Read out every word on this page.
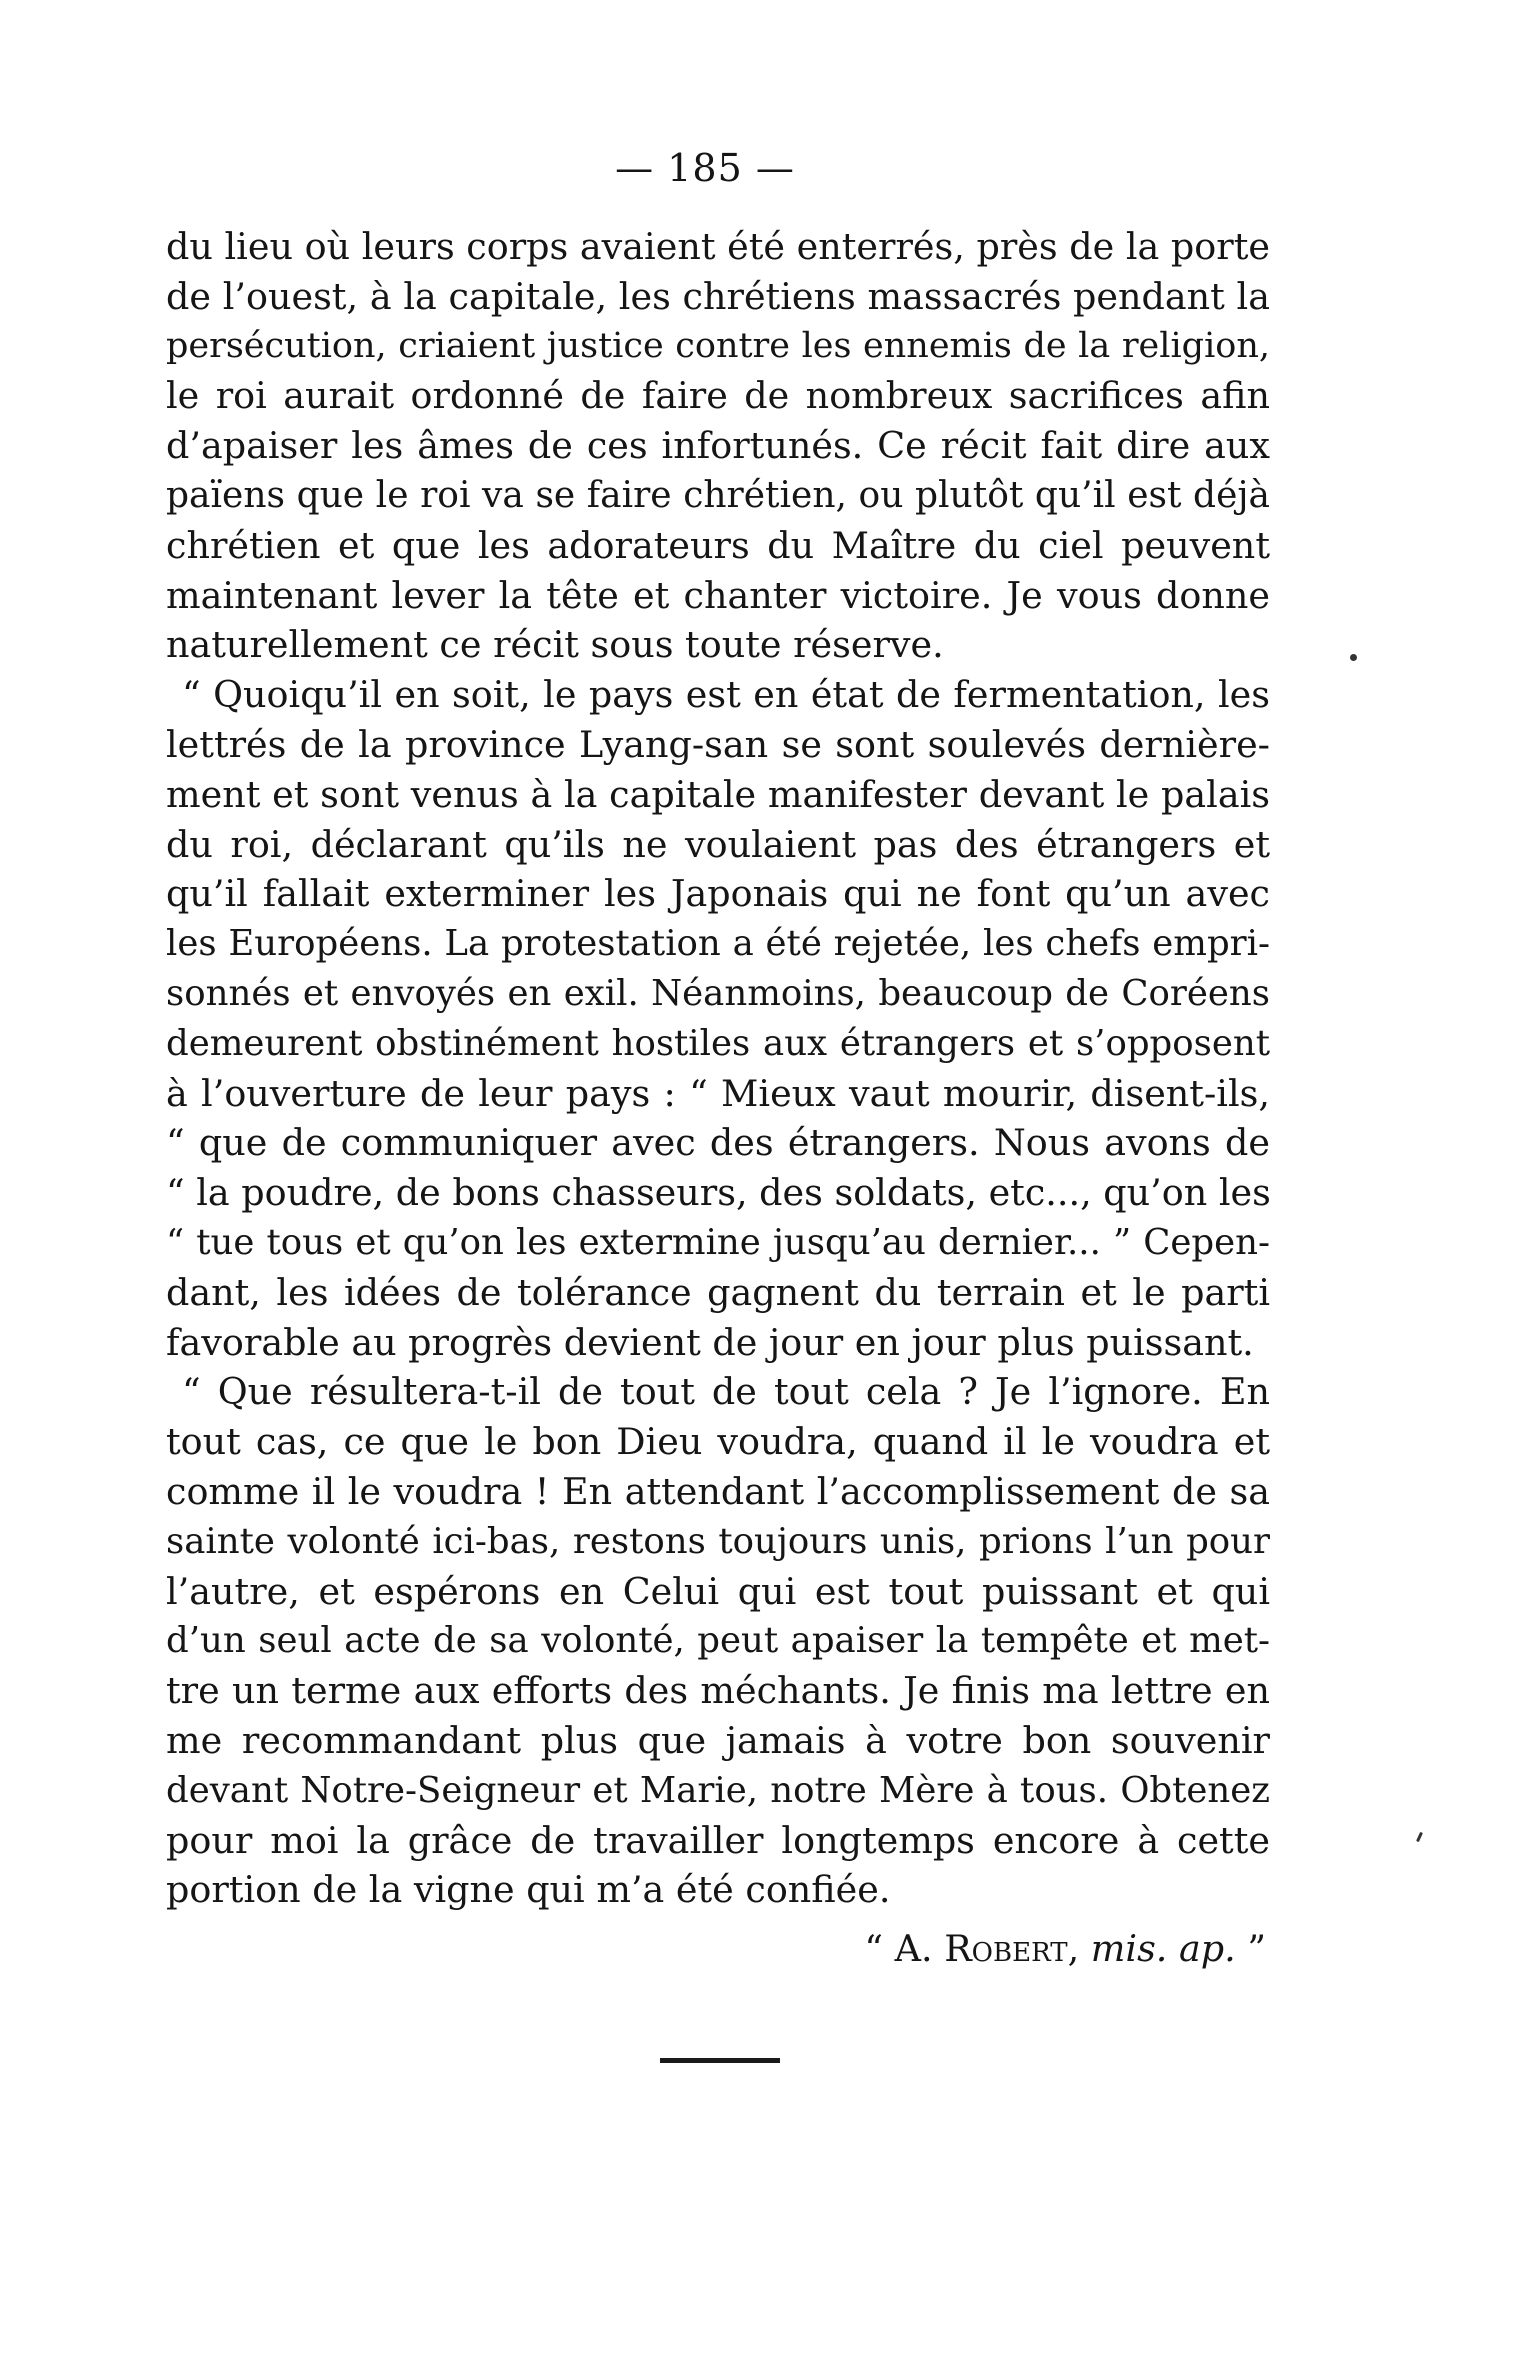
— 185 —
du lieu où leurs corps avaient été enterrés, près de la porte
de l’ouest, à la capitale, les chrétiens massacrés pendant la
persécution, criaient justice contre les ennemis de la religion,
le roi aurait ordonné de faire de nombreux sacrifices afin
d’apaiser les âmes de ces infortunés. Ce récit fait dire aux
païens que le roi va se faire chrétien, ou plutôt qu’il est déjà
chrétien et que les adorateurs du Maître du ciel peuvent
maintenant lever la tête et chanter victoire. Je vous donne
naturellement ce récit sous toute réserve.
“ Quoiqu’il en soit, le pays est en état de fermentation, les
lettrés de la province Lyang-san se sont soulevés dernière-
ment et sont venus à la capitale manifester devant le palais
du roi, déclarant qu’ils ne voulaient pas des étrangers et
qu’il fallait exterminer les Japonais qui ne font qu’un avec
les Européens. La protestation a été rejetée, les chefs empri-
sonnés et envoyés en exil. Néanmoins, beaucoup de Coréens
demeurent obstinément hostiles aux étrangers et s’opposent
à l’ouverture de leur pays : “ Mieux vaut mourir, disent-ils,
“ que de communiquer avec des étrangers. Nous avons de
“ la poudre, de bons chasseurs, des soldats, etc..., qu’on les
“ tue tous et qu’on les extermine jusqu’au dernier... ” Cepen-
dant, les idées de tolérance gagnent du terrain et le parti
favorable au progrès devient de jour en jour plus puissant.
“ Que résultera-t-il de tout de tout cela ? Je l’ignore. En
tout cas, ce que le bon Dieu voudra, quand il le voudra et
comme il le voudra ! En attendant l’accomplissement de sa
sainte volonté ici-bas, restons toujours unis, prions l’un pour
l’autre, et espérons en Celui qui est tout puissant et qui
d’un seul acte de sa volonté, peut apaiser la tempête et met-
tre un terme aux efforts des méchants. Je finis ma lettre en
me recommandant plus que jamais à votre bon souvenir
devant Notre-Seigneur et Marie, notre Mère à tous. Obtenez
pour moi la grâce de travailler longtemps encore à cette
portion de la vigne qui m’a été confiée.
“ A. Robert, mis. ap. ”
